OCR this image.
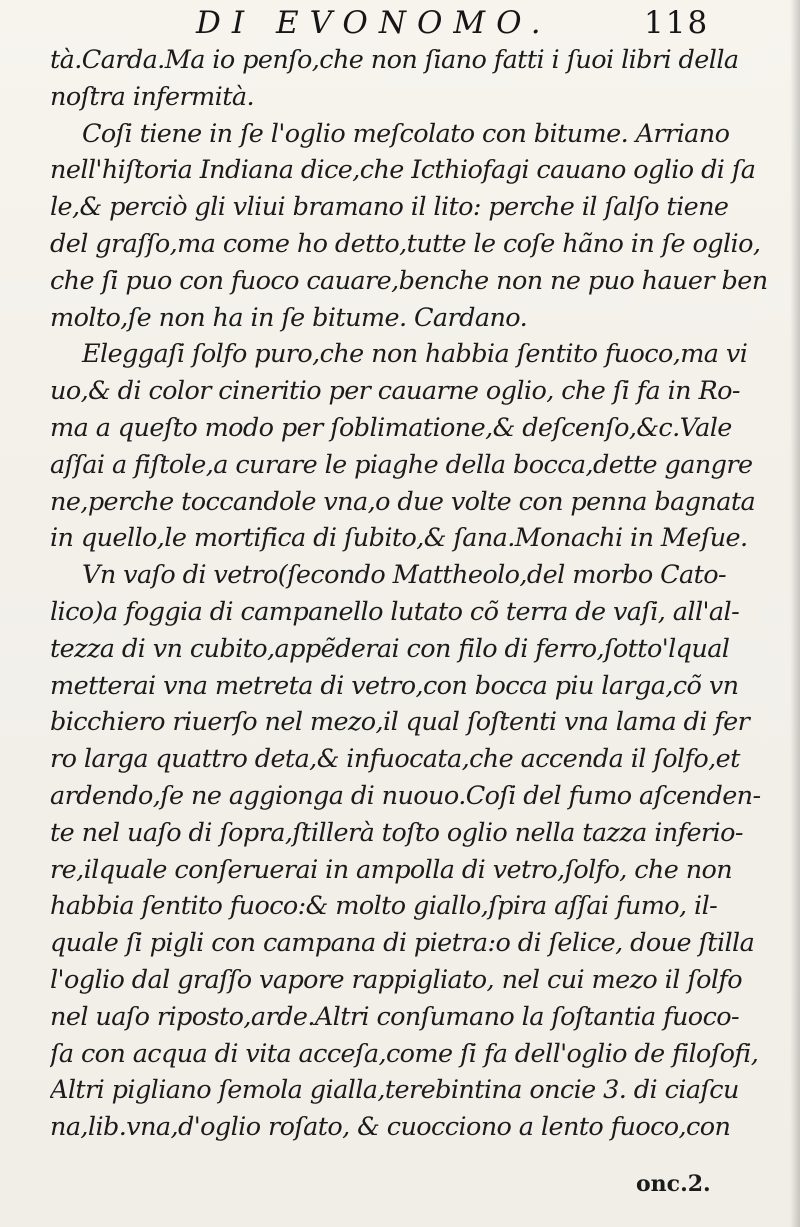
DI EVONOMO.	118
tà.Carda.Ma io penſo,che non ſiano fatti i ſuoi libri della
noſtra infermità.
Coſi tiene in ſe l'oglio meſcolato con bitume. Arriano
nell'hiſtoria Indiana dice,che Icthiofagi cauano oglio di ſa
le,& perciò gli vliui bramano il lito: perche il ſalſo tiene
del graſſo,ma come ho detto,tutte le coſe hãno in ſe oglio,
che ſi puo con fuoco cauare,benche non ne puo hauer ben
molto,ſe non ha in ſe bitume. Cardano.
Eleggaſi ſolfo puro,che non habbia ſentito fuoco,ma vi
uo,& di color cineritio per cauarne oglio, che ſi fa in Ro-
ma a queſto modo per ſoblimatione,& deſcenſo,&c.Vale
aſſai a fiſtole,a curare le piaghe della bocca,dette gangre
ne,perche toccandole vna,o due volte con penna bagnata
in quello,le mortifica di ſubito,& ſana.Monachi in Meſue.
Vn vaſo di vetro(ſecondo Mattheolo,del morbo Cato-
lico)a foggia di campanello lutato cõ terra de vaſi, all'al-
tezza di vn cubito,appẽderai con filo di ferro,ſotto'lqual
metterai vna metreta di vetro,con bocca piu larga,cõ vn
bicchiero riuerſo nel mezo,il qual ſoſtenti vna lama di fer
ro larga quattro deta,& infuocata,che accenda il ſolfo,et
ardendo,ſe ne aggionga di nuouo.Coſi del fumo aſcenden-
te nel uaſo di ſopra,ſtillerà toſto oglio nella tazza inferio-
re,ilquale conſeruerai in ampolla di vetro,ſolfo, che non
habbia ſentito fuoco:& molto giallo,ſpira aſſai fumo, il-
quale ſi pigli con campana di pietra:o di ſelice, doue ſtilla
l'oglio dal graſſo vapore rappigliato, nel cui mezo il ſolfo
nel uaſo riposto,arde.Altri conſumano la ſoſtantia fuoco-
ſa con acqua di vita acceſa,come ſi fa dell'oglio de filoſofi,
Altri pigliano ſemola gialla,terebintina oncie 3. di ciaſcu
na,lib.vna,d'oglio roſato, & cuocciono a lento fuoco,con
onc.2.
